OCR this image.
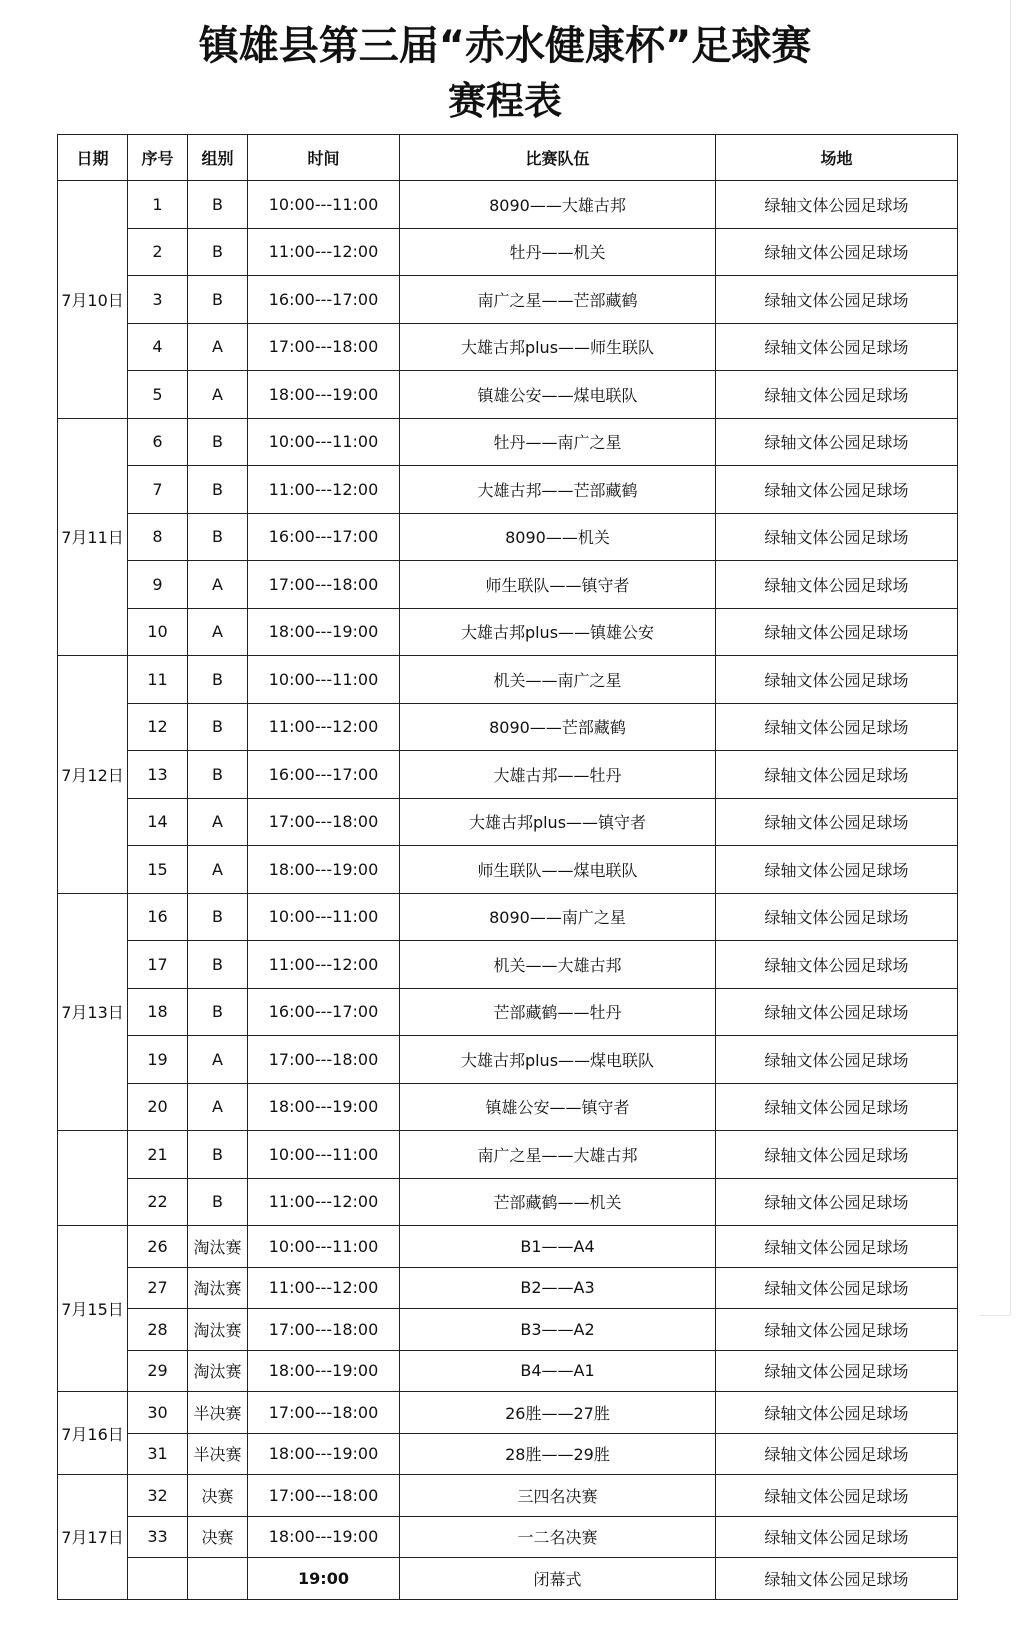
镇雄县第三届“赤水健康杯”足球赛
赛程表
日期	序号	组别	时间	比赛队伍	场地
7月10日	1	B	10:00---11:00	8090——大雄古邦	绿轴文体公园足球场
	2	B	11:00---12:00	牡丹——机关	绿轴文体公园足球场
	3	B	16:00---17:00	南广之星——芒部藏鹤	绿轴文体公园足球场
	4	A	17:00---18:00	大雄古邦plus——师生联队	绿轴文体公园足球场
	5	A	18:00---19:00	镇雄公安——煤电联队	绿轴文体公园足球场
7月11日	6	B	10:00---11:00	牡丹——南广之星	绿轴文体公园足球场
	7	B	11:00---12:00	大雄古邦——芒部藏鹤	绿轴文体公园足球场
	8	B	16:00---17:00	8090——机关	绿轴文体公园足球场
	9	A	17:00---18:00	师生联队——镇守者	绿轴文体公园足球场
	10	A	18:00---19:00	大雄古邦plus——镇雄公安	绿轴文体公园足球场
7月12日	11	B	10:00---11:00	机关——南广之星	绿轴文体公园足球场
	12	B	11:00---12:00	8090——芒部藏鹤	绿轴文体公园足球场
	13	B	16:00---17:00	大雄古邦——牡丹	绿轴文体公园足球场
	14	A	17:00---18:00	大雄古邦plus——镇守者	绿轴文体公园足球场
	15	A	18:00---19:00	师生联队——煤电联队	绿轴文体公园足球场
7月13日	16	B	10:00---11:00	8090——南广之星	绿轴文体公园足球场
	17	B	11:00---12:00	机关——大雄古邦	绿轴文体公园足球场
	18	B	16:00---17:00	芒部藏鹤——牡丹	绿轴文体公园足球场
	19	A	17:00---18:00	大雄古邦plus——煤电联队	绿轴文体公园足球场
	20	A	18:00---19:00	镇雄公安——镇守者	绿轴文体公园足球场
	21	B	10:00---11:00	南广之星——大雄古邦	绿轴文体公园足球场
	22	B	11:00---12:00	芒部藏鹤——机关	绿轴文体公园足球场
7月15日	26	淘汰赛	10:00---11:00	B1——A4	绿轴文体公园足球场
	27	淘汰赛	11:00---12:00	B2——A3	绿轴文体公园足球场
	28	淘汰赛	17:00---18:00	B3——A2	绿轴文体公园足球场
	29	淘汰赛	18:00---19:00	B4——A1	绿轴文体公园足球场
7月16日	30	半决赛	17:00---18:00	26胜——27胜	绿轴文体公园足球场
	31	半决赛	18:00---19:00	28胜——29胜	绿轴文体公园足球场
7月17日	32	决赛	17:00---18:00	三四名决赛	绿轴文体公园足球场
	33	决赛	18:00---19:00	一二名决赛	绿轴文体公园足球场
			19:00	闭幕式	绿轴文体公园足球场
